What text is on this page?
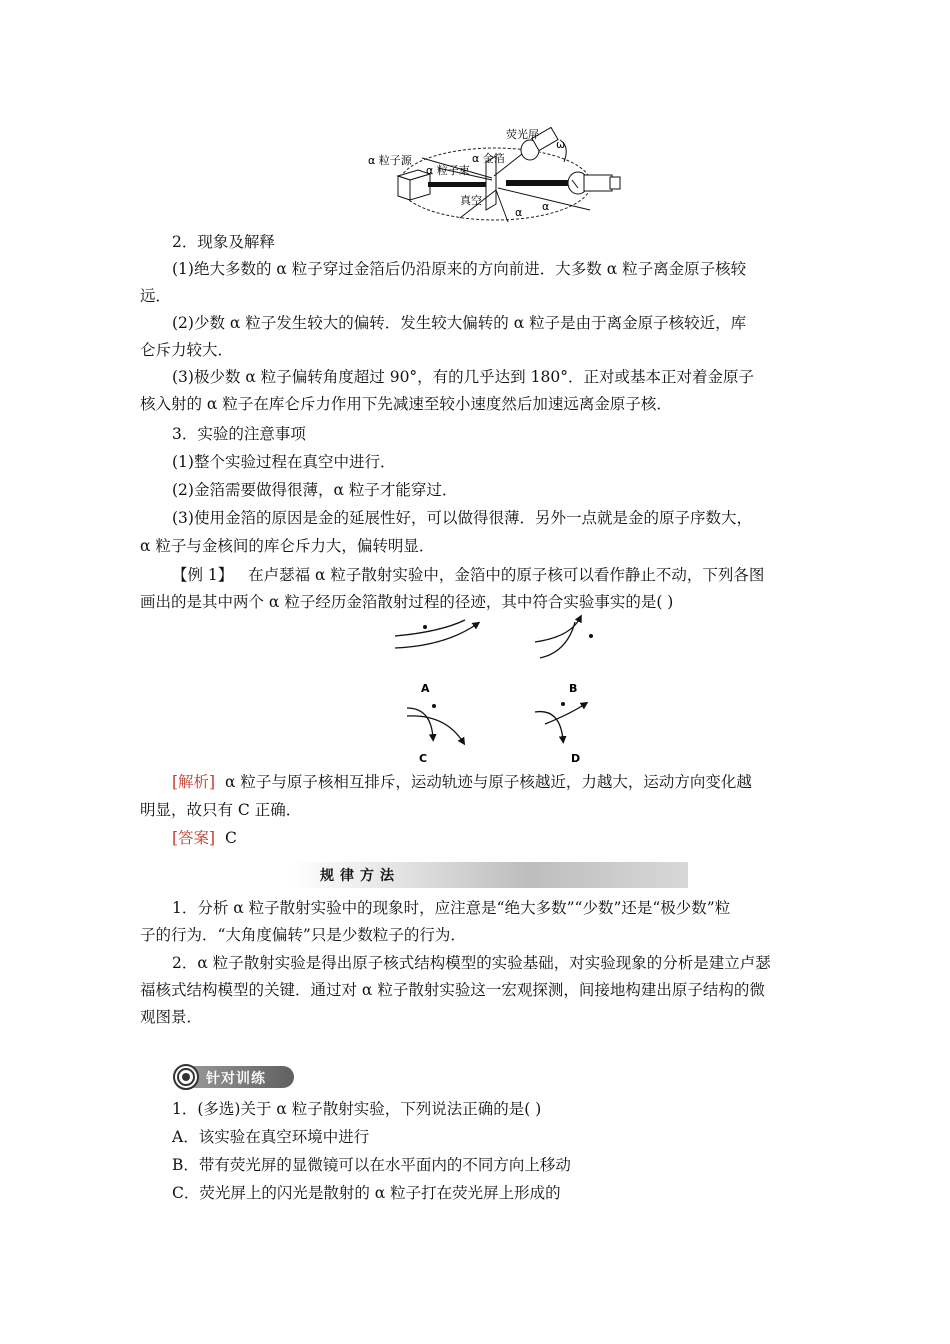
荧光屏
ω
α 粒子源
α 粒子束
α 金箔
真空
α α
2．现象及解释
(1)绝大多数的 α 粒子穿过金箔后仍沿原来的方向前进．大多数 α 粒子离金原子核较
远．
(2)少数 α 粒子发生较大的偏转．发生较大偏转的 α 粒子是由于离金原子核较近，库
仑斥力较大．
(3)极少数 α 粒子偏转角度超过 90°，有的几乎达到 180°．正对或基本正对着金原子
核入射的 α 粒子在库仑斥力作用下先减速至较小速度然后加速远离金原子核．
3．实验的注意事项
(1)整个实验过程在真空中进行．
(2)金箔需要做得很薄，α 粒子才能穿过．
(3)使用金箔的原因是金的延展性好，可以做得很薄．另外一点就是金的原子序数大，
α 粒子与金核间的库仑斥力大，偏转明显．
【例 1】 在卢瑟福 α 粒子散射实验中，金箔中的原子核可以看作静止不动，下列各图
画出的是其中两个 α 粒子经历金箔散射过程的径迹，其中符合实验事实的是( )
A	B
C	D
[解析] α 粒子与原子核相互排斥，运动轨迹与原子核越近，力越大，运动方向变化越
明显，故只有 C 正确．
[答案] C
规律方法
1．分析 α 粒子散射实验中的现象时，应注意是“绝大多数”“少数”还是“极少数”粒
子的行为．“大角度偏转”只是少数粒子的行为．
2．α 粒子散射实验是得出原子核式结构模型的实验基础，对实验现象的分析是建立卢瑟
福核式结构模型的关键．通过对 α 粒子散射实验这一宏观探测，间接地构建出原子结构的微
观图景．
针对训练
1．(多选)关于 α 粒子散射实验，下列说法正确的是( )
A．该实验在真空环境中进行
B．带有荧光屏的显微镜可以在水平面内的不同方向上移动
C．荧光屏上的闪光是散射的 α 粒子打在荧光屏上形成的
